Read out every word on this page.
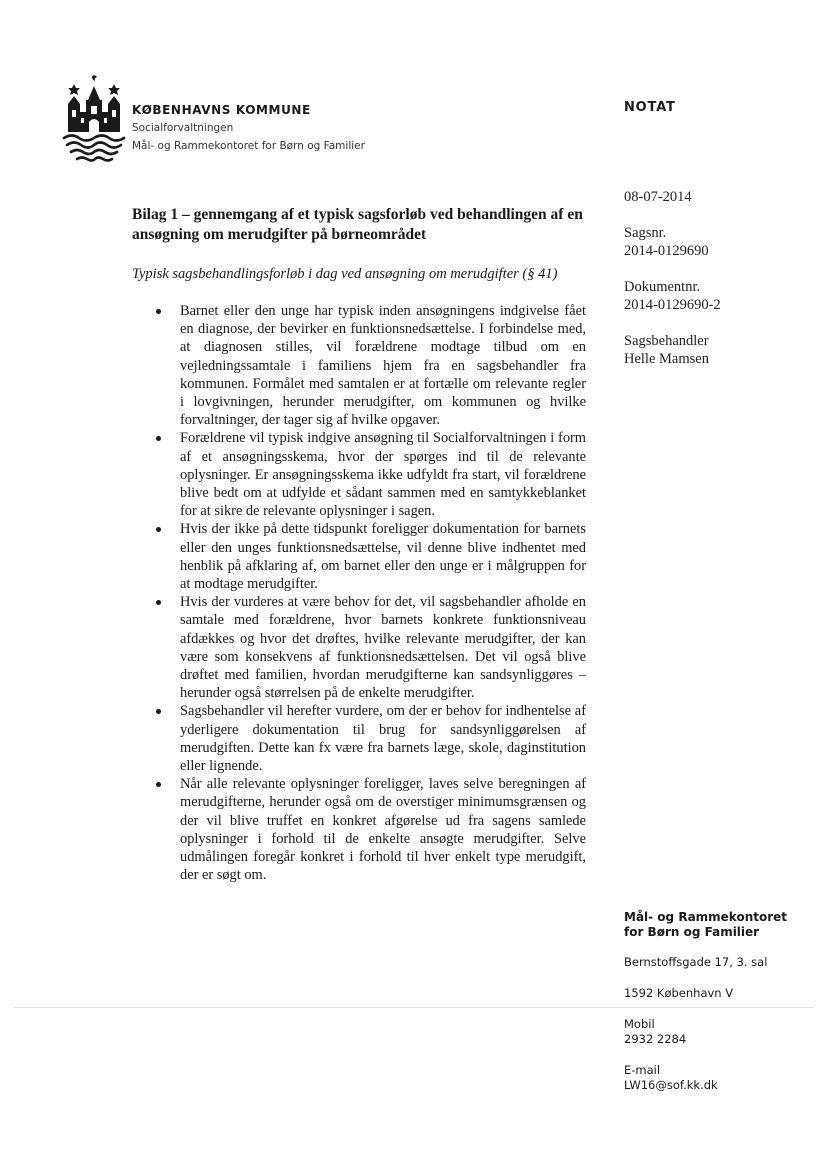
KØBENHAVNS KOMMUNE
Socialforvaltningen
Mål- og Rammekontoret for Børn og Familier
NOTAT
08-07-2014
Sagsnr.
2014-0129690
Dokumentnr.
2014-0129690-2
Sagsbehandler
Helle Mamsen
Bilag 1 – gennemgang af et typisk sagsforløb ved behandlingen af en ansøgning om merudgifter på børneområdet
Typisk sagsbehandlingsforløb i dag ved ansøgning om merudgifter (§ 41)
Barnet eller den unge har typisk inden ansøgningens indgivelse fået en diagnose, der bevirker en funktionsnedsættelse. I forbindelse med, at diagnosen stilles, vil forældrene modtage tilbud om en vejledningssamtale i familiens hjem fra en sagsbehandler fra kommunen. Formålet med samtalen er at fortælle om relevante regler i lovgivningen, herunder merudgifter, om kommunen og hvilke forvaltninger, der tager sig af hvilke opgaver.
Forældrene vil typisk indgive ansøgning til Socialforvaltningen i form af et ansøgningsskema, hvor der spørges ind til de relevante oplysninger. Er ansøgningsskema ikke udfyldt fra start, vil forældrene blive bedt om at udfylde et sådant sammen med en samtykkeblanket for at sikre de relevante oplysninger i sagen.
Hvis der ikke på dette tidspunkt foreligger dokumentation for barnets eller den unges funktionsnedsættelse, vil denne blive indhentet med henblik på afklaring af, om barnet eller den unge er i målgruppen for at modtage merudgifter.
Hvis der vurderes at være behov for det, vil sagsbehandler afholde en samtale med forældrene, hvor barnets konkrete funktionsniveau afdækkes og hvor det drøftes, hvilke relevante merudgifter, der kan være som konsekvens af funktionsnedsættelsen. Det vil også blive drøftet med familien, hvordan merudgifterne kan sandsynliggøres – herunder også størrelsen på de enkelte merudgifter.
Sagsbehandler vil herefter vurdere, om der er behov for indhentelse af yderligere dokumentation til brug for sandsynliggørelsen af merudgiften. Dette kan fx være fra barnets læge, skole, daginstitution eller lignende.
Når alle relevante oplysninger foreligger, laves selve beregningen af merudgifterne, herunder også om de overstiger minimumsgrænsen og der vil blive truffet en konkret afgørelse ud fra sagens samlede oplysninger i forhold til de enkelte ansøgte merudgifter. Selve udmålingen foregår konkret i forhold til hver enkelt type merudgift, der er søgt om.
Mål- og Rammekontoret
for Børn og Familier
Bernstoffsgade 17, 3. sal
1592 København V
Mobil
2932 2284
E-mail
LW16@sof.kk.dk
